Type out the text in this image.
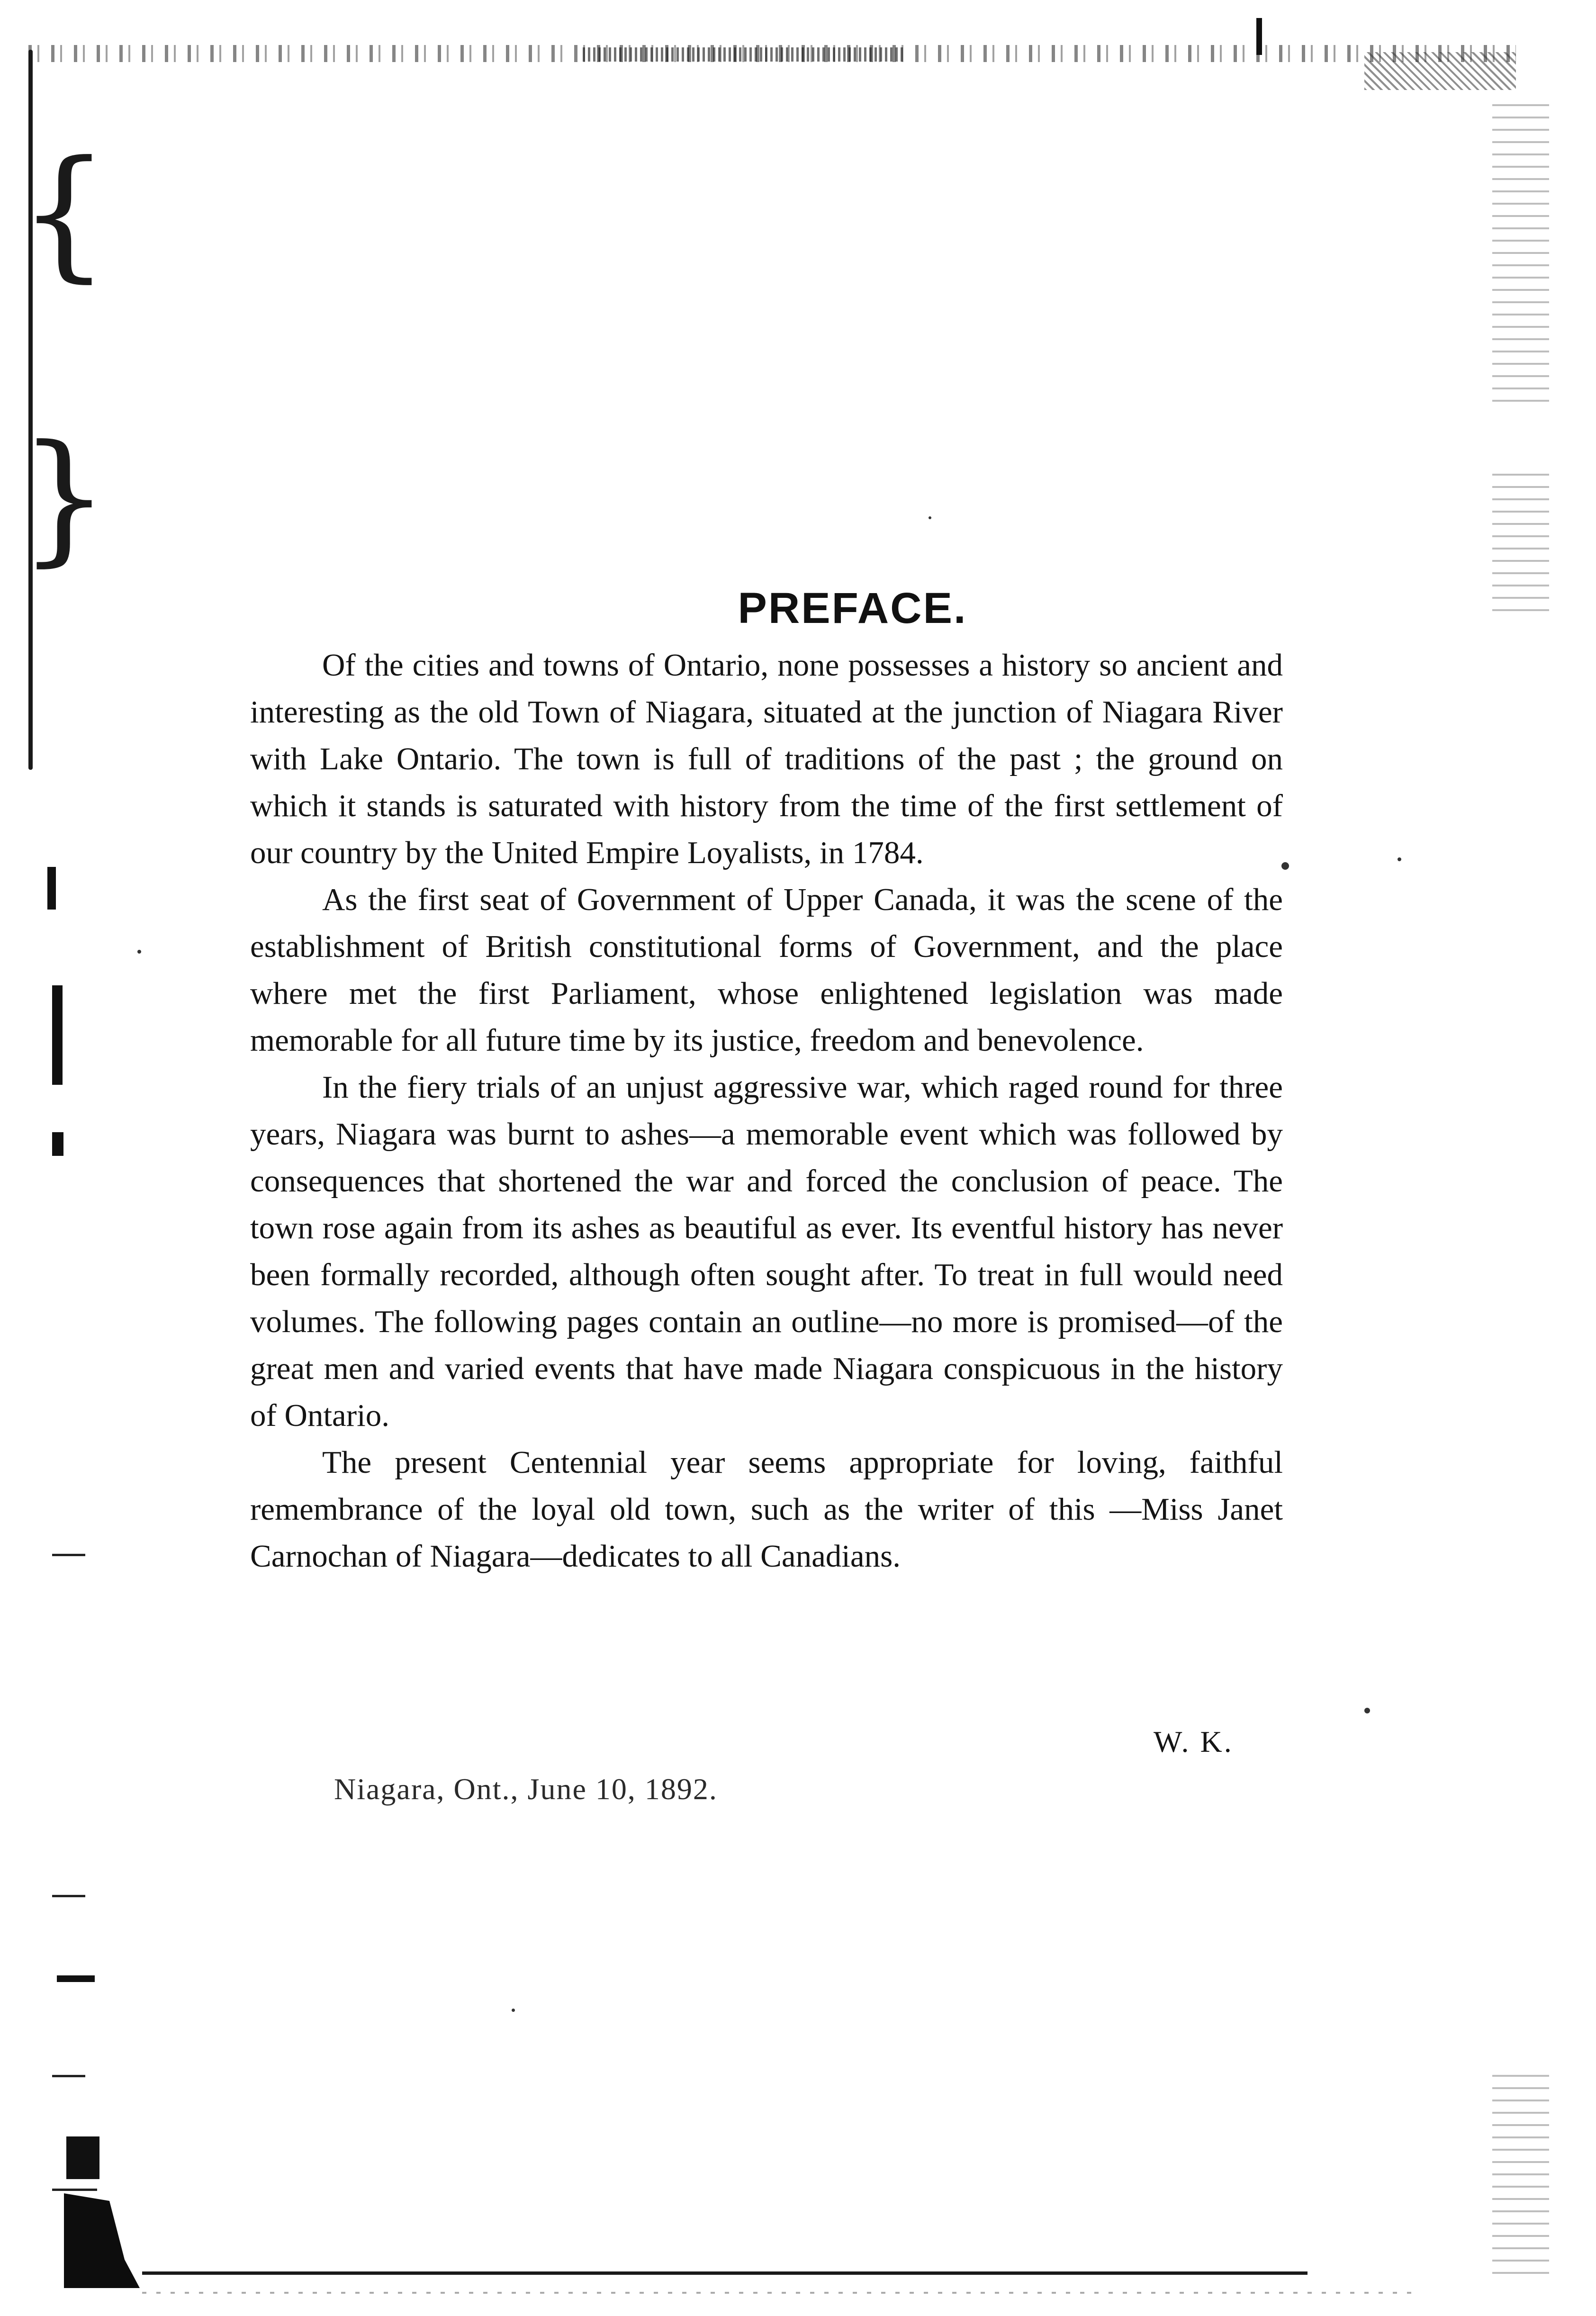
{
}
PREFACE.

Of the cities and towns of Ontario, none possesses a history so ancient and interesting as the old Town of Niagara, situated at the junction of Niagara River with Lake Ontario. The town is full of traditions of the past ; the ground on which it stands is saturated with history from the time of the first settlement of our country by the United Empire Loyalists, in 1784.

As the first seat of Government of Upper Canada, it was the scene of the establishment of British constitutional forms of Government, and the place where met the first Parliament, whose enlightened legislation was made memorable for all future time by its justice, freedom and benevolence.

In the fiery trials of an unjust aggressive war, which raged round for three years, Niagara was burnt to ashes—a memorable event which was followed by consequences that shortened the war and forced the conclusion of peace. The town rose again from its ashes as beautiful as ever. Its eventful history has never been formally recorded, although often sought after. To treat in full would need volumes. The following pages contain an outline—no more is promised—of the great men and varied events that have made Niagara conspicuous in the history of Ontario.

The present Centennial year seems appropriate for loving, faithful remembrance of the loyal old town, such as the writer of this —Miss Janet Carnochan of Niagara—dedicates to all Canadians.

W. K.
Niagara, Ont., June 10, 1892.
